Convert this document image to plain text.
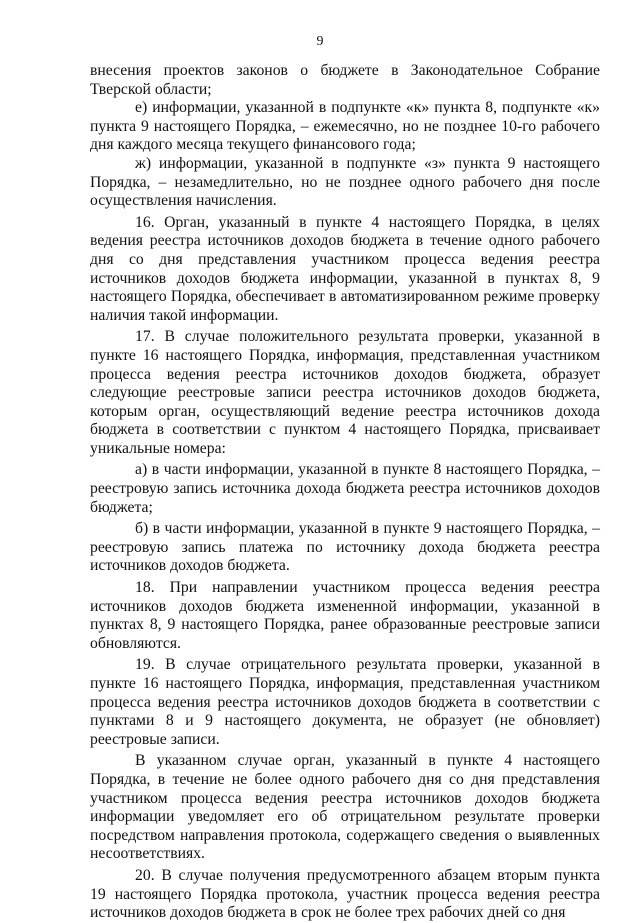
9

внесения проектов законов о бюджете в Законодательное Собрание Тверской области;

е) информации, указанной в подпункте «к» пункта 8, подпункте «к» пункта 9 настоящего Порядка, – ежемесячно, но не позднее 10-го рабочего дня каждого месяца текущего финансового года;

ж) информации, указанной в подпункте «з» пункта 9 настоящего Порядка, – незамедлительно, но не позднее одного рабочего дня после осуществления начисления.

16. Орган, указанный в пункте 4 настоящего Порядка, в целях ведения реестра источников доходов бюджета в течение одного рабочего дня со дня представления участником процесса ведения реестра источников доходов бюджета информации, указанной в пунктах 8, 9 настоящего Порядка, обеспечивает в автоматизированном режиме проверку наличия такой информации.

17. В случае положительного результата проверки, указанной в пункте 16 настоящего Порядка, информация, представленная участником процесса ведения реестра источников доходов бюджета, образует следующие реестровые записи реестра источников доходов бюджета, которым орган, осуществляющий ведение реестра источников дохода бюджета в соответствии с пунктом 4 настоящего Порядка, присваивает уникальные номера:

а) в части информации, указанной в пункте 8 настоящего Порядка, – реестровую запись источника дохода бюджета реестра источников доходов бюджета;

б) в части информации, указанной в пункте 9 настоящего Порядка, – реестровую запись платежа по источнику дохода бюджета реестра источников доходов бюджета.

18. При направлении участником процесса ведения реестра источников доходов бюджета измененной информации, указанной в пунктах 8, 9 настоящего Порядка, ранее образованные реестровые записи обновляются.

19. В случае отрицательного результата проверки, указанной в пункте 16 настоящего Порядка, информация, представленная участником процесса ведения реестра источников доходов бюджета в соответствии с пунктами 8 и 9 настоящего документа, не образует (не обновляет) реестровые записи.

В указанном случае орган, указанный в пункте 4 настоящего Порядка, в течение не более одного рабочего дня со дня представления участником процесса ведения реестра источников доходов бюджета информации уведомляет его об отрицательном результате проверки посредством направления протокола, содержащего сведения о выявленных несоответствиях.

20. В случае получения предусмотренного абзацем вторым пункта 19 настоящего Порядка протокола, участник процесса ведения реестра источников доходов бюджета в срок не более трех рабочих дней со дня
